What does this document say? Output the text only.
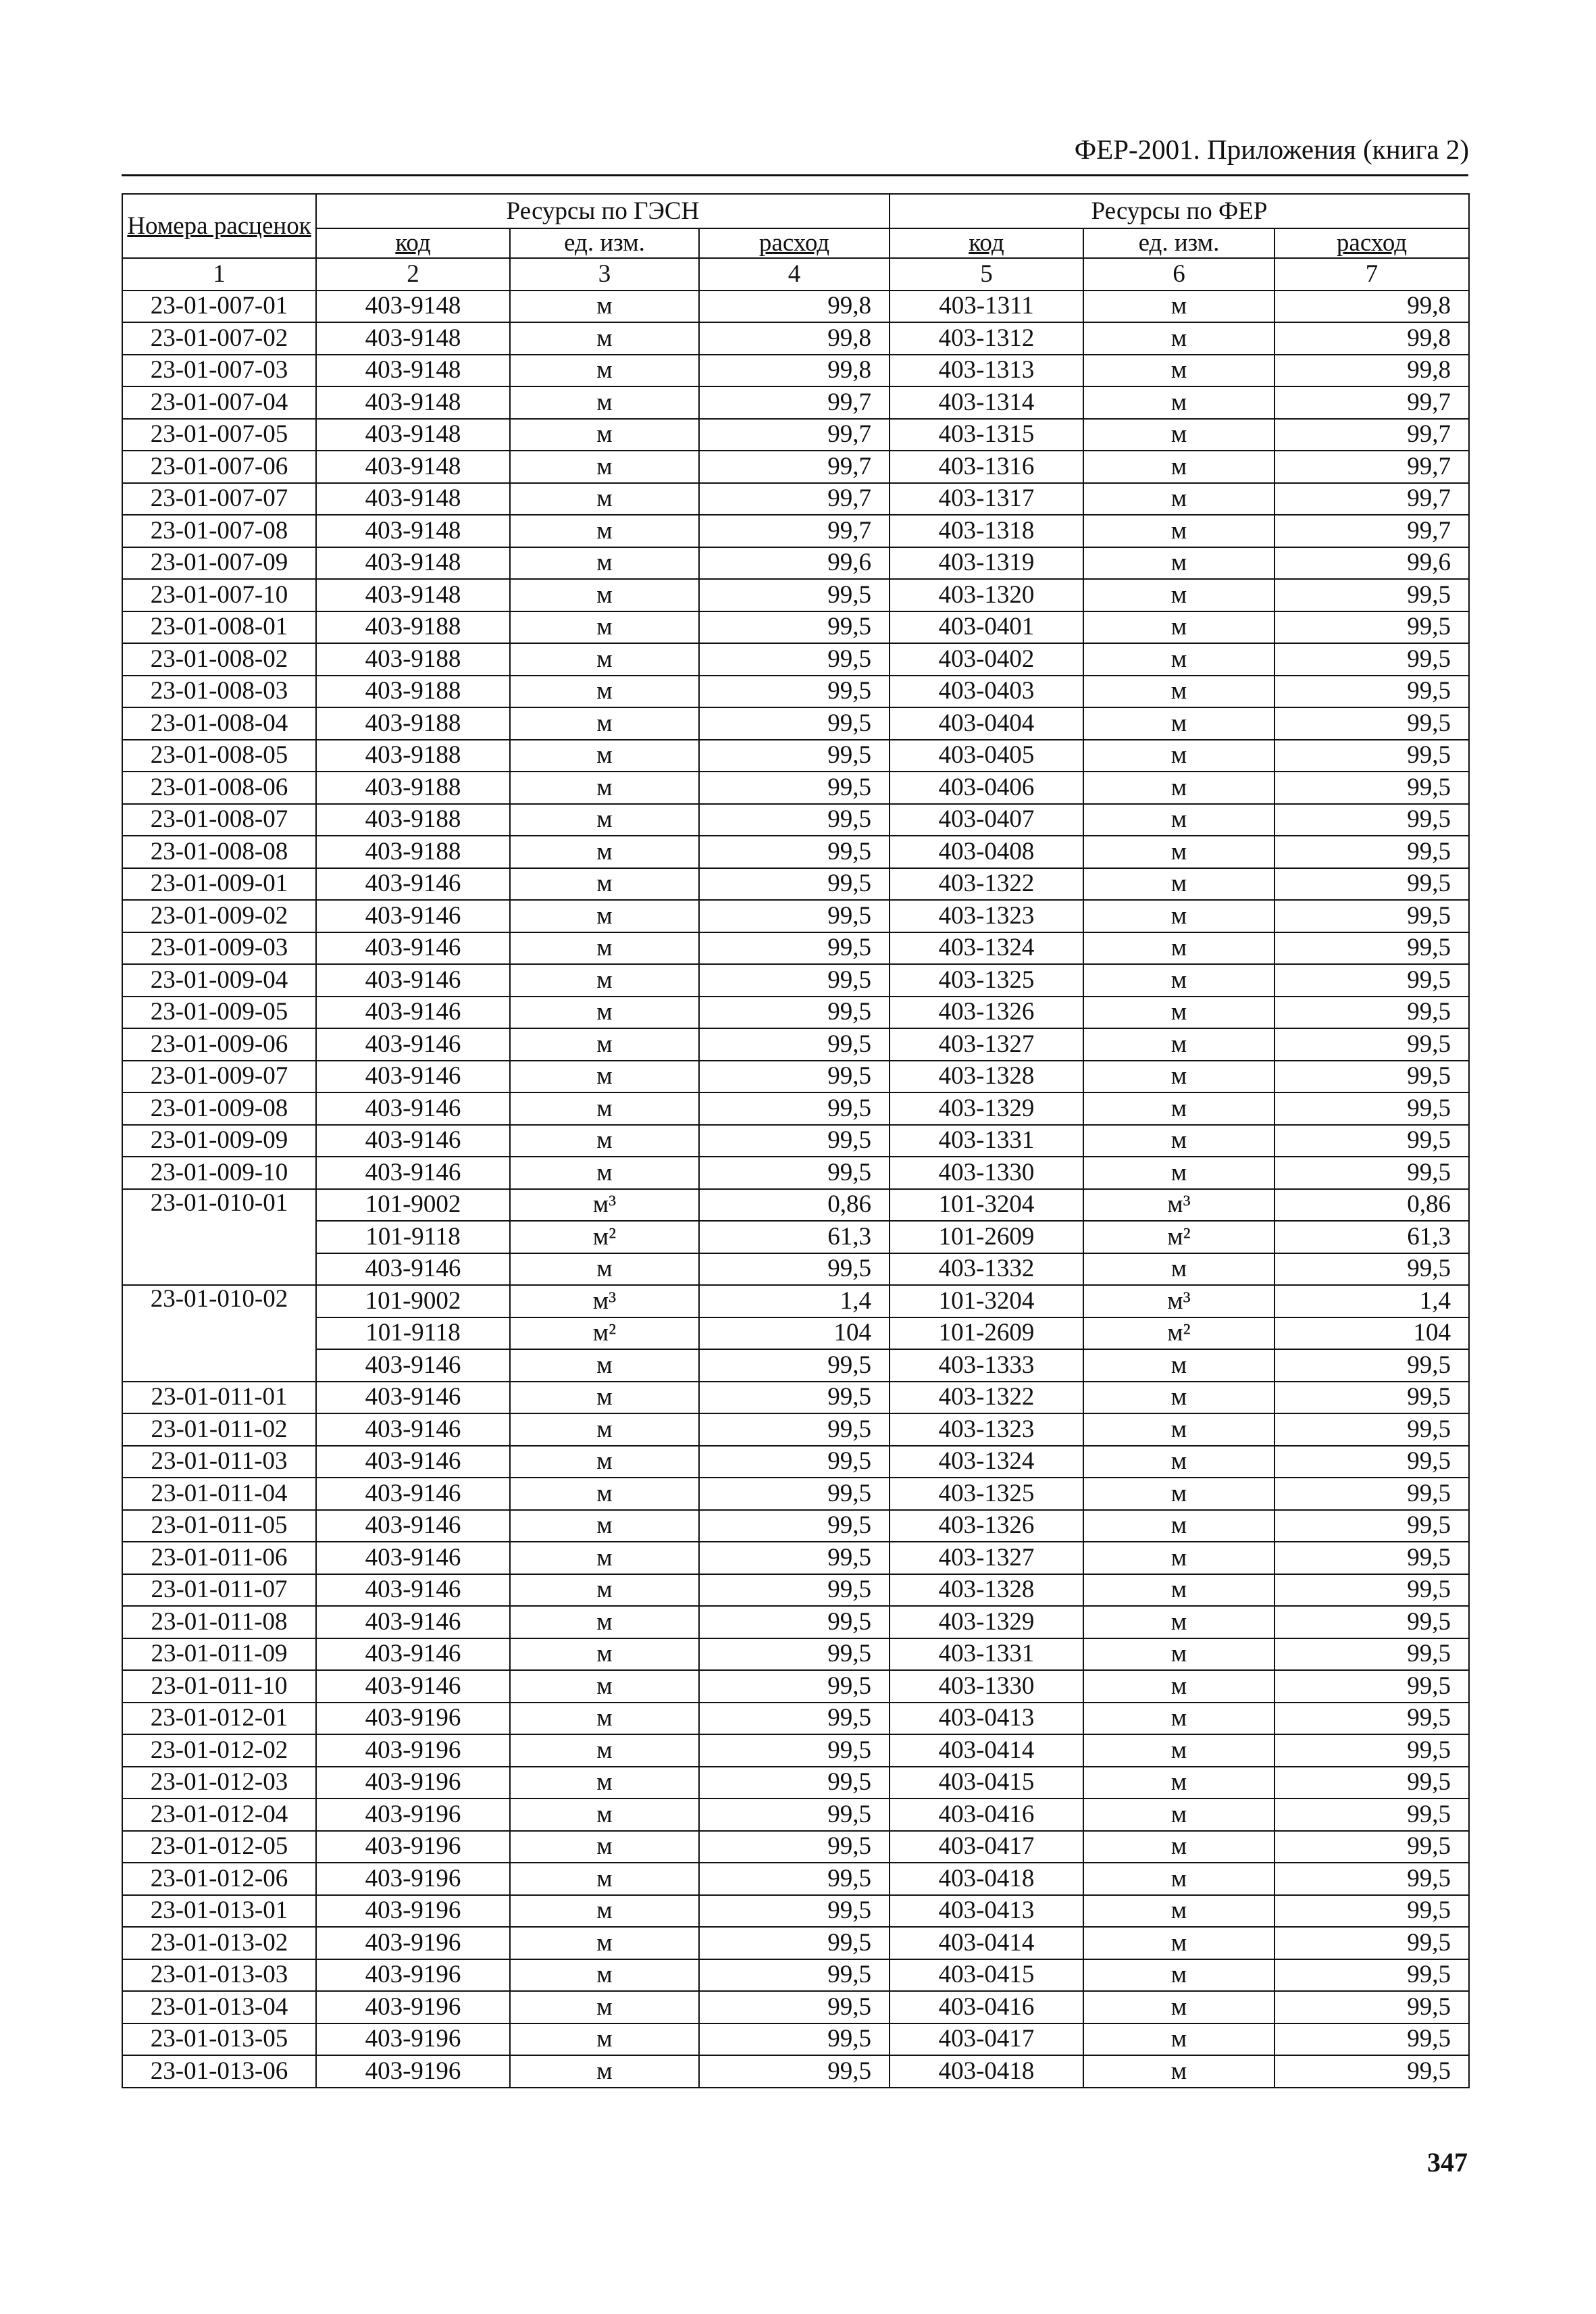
ФЕР-2001. Приложения (книга 2)
Номера расценок	Ресурсы по ГЭСН			Ресурсы по ФЕР		
	код	ед. изм.	расход	код	ед. изм.	расход
1	2	3	4	5	6	7
23-01-007-01	403-9148	м	99,8	403-1311	м	99,8
23-01-007-02	403-9148	м	99,8	403-1312	м	99,8
23-01-007-03	403-9148	м	99,8	403-1313	м	99,8
23-01-007-04	403-9148	м	99,7	403-1314	м	99,7
23-01-007-05	403-9148	м	99,7	403-1315	м	99,7
23-01-007-06	403-9148	м	99,7	403-1316	м	99,7
23-01-007-07	403-9148	м	99,7	403-1317	м	99,7
23-01-007-08	403-9148	м	99,7	403-1318	м	99,7
23-01-007-09	403-9148	м	99,6	403-1319	м	99,6
23-01-007-10	403-9148	м	99,5	403-1320	м	99,5
23-01-008-01	403-9188	м	99,5	403-0401	м	99,5
23-01-008-02	403-9188	м	99,5	403-0402	м	99,5
23-01-008-03	403-9188	м	99,5	403-0403	м	99,5
23-01-008-04	403-9188	м	99,5	403-0404	м	99,5
23-01-008-05	403-9188	м	99,5	403-0405	м	99,5
23-01-008-06	403-9188	м	99,5	403-0406	м	99,5
23-01-008-07	403-9188	м	99,5	403-0407	м	99,5
23-01-008-08	403-9188	м	99,5	403-0408	м	99,5
23-01-009-01	403-9146	м	99,5	403-1322	м	99,5
23-01-009-02	403-9146	м	99,5	403-1323	м	99,5
23-01-009-03	403-9146	м	99,5	403-1324	м	99,5
23-01-009-04	403-9146	м	99,5	403-1325	м	99,5
23-01-009-05	403-9146	м	99,5	403-1326	м	99,5
23-01-009-06	403-9146	м	99,5	403-1327	м	99,5
23-01-009-07	403-9146	м	99,5	403-1328	м	99,5
23-01-009-08	403-9146	м	99,5	403-1329	м	99,5
23-01-009-09	403-9146	м	99,5	403-1331	м	99,5
23-01-009-10	403-9146	м	99,5	403-1330	м	99,5
23-01-010-01	101-9002	м³	0,86	101-3204	м³	0,86
	101-9118	м²	61,3	101-2609	м²	61,3
	403-9146	м	99,5	403-1332	м	99,5
23-01-010-02	101-9002	м³	1,4	101-3204	м³	1,4
	101-9118	м²	104	101-2609	м²	104
	403-9146	м	99,5	403-1333	м	99,5
23-01-011-01	403-9146	м	99,5	403-1322	м	99,5
23-01-011-02	403-9146	м	99,5	403-1323	м	99,5
23-01-011-03	403-9146	м	99,5	403-1324	м	99,5
23-01-011-04	403-9146	м	99,5	403-1325	м	99,5
23-01-011-05	403-9146	м	99,5	403-1326	м	99,5
23-01-011-06	403-9146	м	99,5	403-1327	м	99,5
23-01-011-07	403-9146	м	99,5	403-1328	м	99,5
23-01-011-08	403-9146	м	99,5	403-1329	м	99,5
23-01-011-09	403-9146	м	99,5	403-1331	м	99,5
23-01-011-10	403-9146	м	99,5	403-1330	м	99,5
23-01-012-01	403-9196	м	99,5	403-0413	м	99,5
23-01-012-02	403-9196	м	99,5	403-0414	м	99,5
23-01-012-03	403-9196	м	99,5	403-0415	м	99,5
23-01-012-04	403-9196	м	99,5	403-0416	м	99,5
23-01-012-05	403-9196	м	99,5	403-0417	м	99,5
23-01-012-06	403-9196	м	99,5	403-0418	м	99,5
23-01-013-01	403-9196	м	99,5	403-0413	м	99,5
23-01-013-02	403-9196	м	99,5	403-0414	м	99,5
23-01-013-03	403-9196	м	99,5	403-0415	м	99,5
23-01-013-04	403-9196	м	99,5	403-0416	м	99,5
23-01-013-05	403-9196	м	99,5	403-0417	м	99,5
23-01-013-06	403-9196	м	99,5	403-0418	м	99,5
347
